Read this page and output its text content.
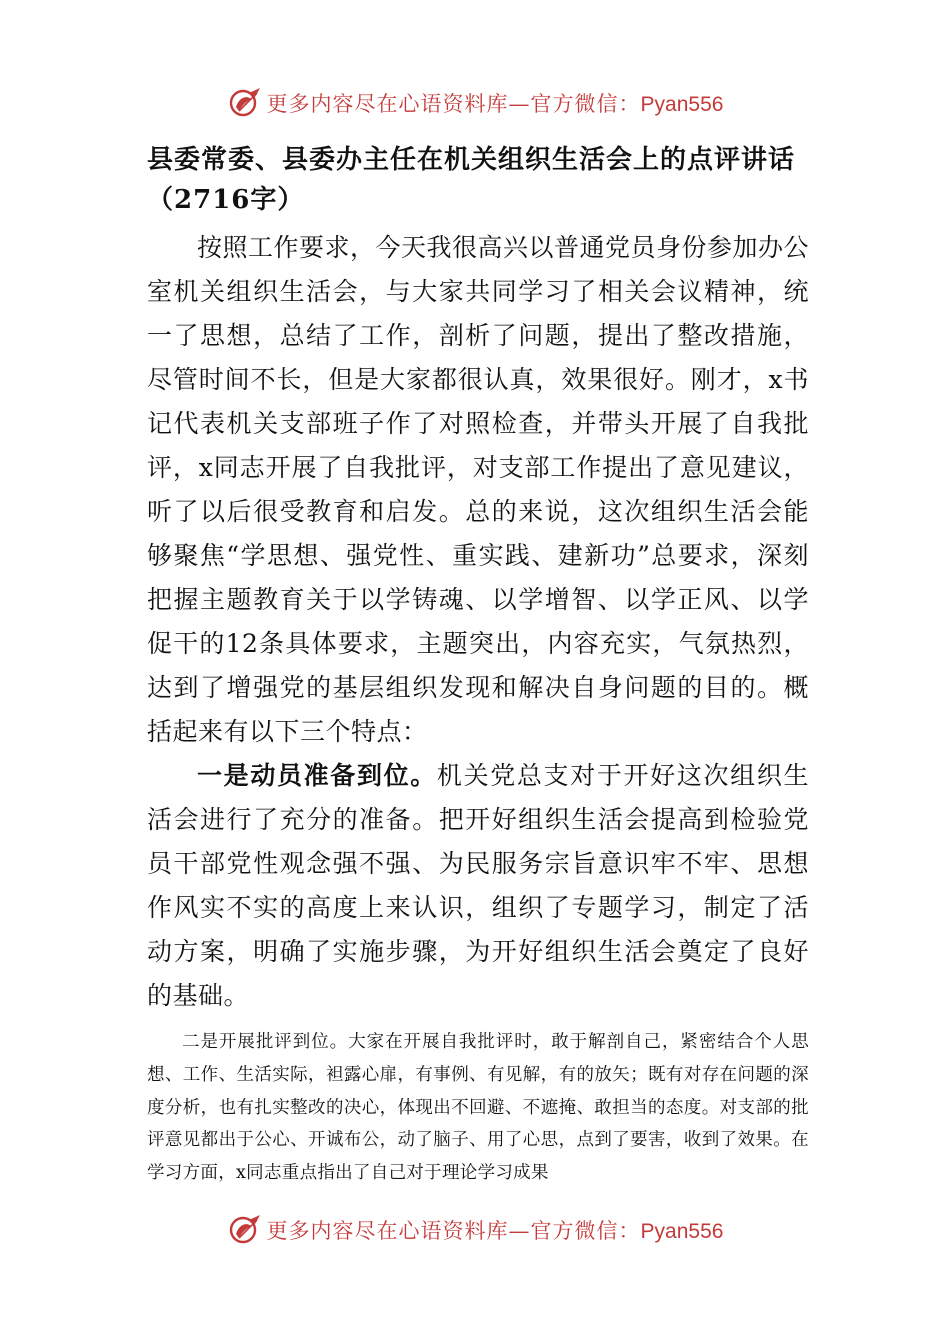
更多内容尽在心语资料库—官方微信：Pyan556
县委常委、县委办主任在机关组织生活会上的点评讲话
（2716字）

按照工作要求，今天我很高兴以普通党员身份参加办公室机关组织生活会，与大家共同学习了相关会议精神，统一了思想，总结了工作，剖析了问题，提出了整改措施，尽管时间不长，但是大家都很认真，效果很好。刚才，x书记代表机关支部班子作了对照检查，并带头开展了自我批评，x同志开展了自我批评，对支部工作提出了意见建议，听了以后很受教育和启发。总的来说，这次组织生活会能够聚焦“学思想、强党性、重实践、建新功”总要求，深刻把握主题教育关于以学铸魂、以学增智、以学正风、以学促干的12条具体要求，主题突出，内容充实，气氛热烈，达到了增强党的基层组织发现和解决自身问题的目的。概括起来有以下三个特点：

一是动员准备到位。机关党总支对于开好这次组织生活会进行了充分的准备。把开好组织生活会提高到检验党员干部党性观念强不强、为民服务宗旨意识牢不牢、思想作风实不实的高度上来认识，组织了专题学习，制定了活动方案，明确了实施步骤，为开好组织生活会奠定了良好的基础。

二是开展批评到位。大家在开展自我批评时，敢于解剖自己，紧密结合个人思想、工作、生活实际，袒露心扉，有事例、有见解，有的放矢；既有对存在问题的深度分析，也有扎实整改的决心，体现出不回避、不遮掩、敢担当的态度。对支部的批评意见都出于公心、开诚布公，动了脑子、用了心思，点到了要害，收到了效果。在学习方面，x同志重点指出了自己对于理论学习成果

更多内容尽在心语资料库—官方微信：Pyan556
